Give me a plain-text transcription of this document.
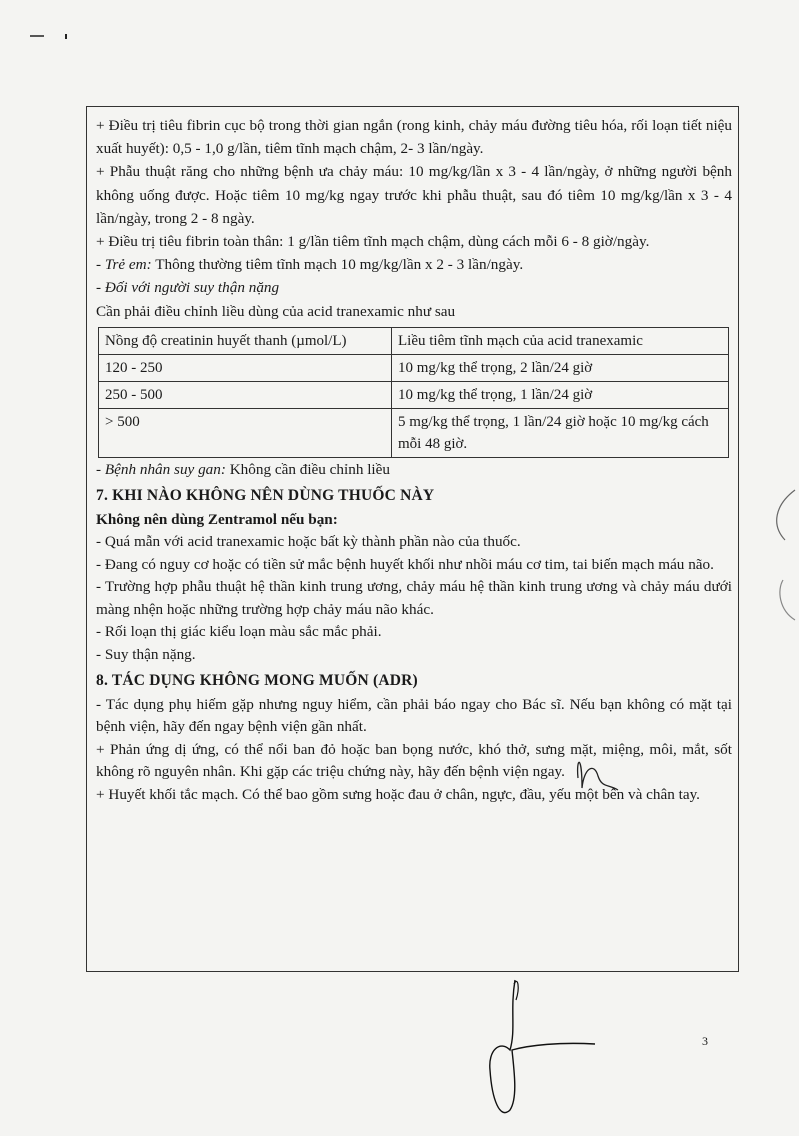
+ Điều trị tiêu fibrin cục bộ trong thời gian ngắn (rong kinh, chảy máu đường tiêu hóa, rối loạn tiết niệu xuất huyết): 0,5 - 1,0 g/lần, tiêm tĩnh mạch chậm, 2- 3 lần/ngày.

+ Phẫu thuật răng cho những bệnh ưa chảy máu: 10 mg/kg/lần x 3 - 4 lần/ngày, ở những người bệnh không uống được. Hoặc tiêm 10 mg/kg ngay trước khi phẫu thuật, sau đó tiêm 10 mg/kg/lần x 3 - 4 lần/ngày, trong 2 - 8 ngày.

+ Điều trị tiêu fibrin toàn thân: 1 g/lần tiêm tĩnh mạch chậm, dùng cách mỗi 6 - 8 giờ/ngày.

- Trẻ em: Thông thường tiêm tĩnh mạch 10 mg/kg/lần x 2 - 3 lần/ngày.

- Đối với người suy thận nặng

Cần phải điều chỉnh liều dùng của acid tranexamic như sau

Nồng độ creatinin huyết thanh (µmol/L)	Liều tiêm tĩnh mạch của acid tranexamic
120 - 250	10 mg/kg thể trọng, 2 lần/24 giờ
250 - 500	10 mg/kg thể trọng, 1 lần/24 giờ
> 500	5 mg/kg thể trọng, 1 lần/24 giờ hoặc 10 mg/kg cách mỗi 48 giờ.

- Bệnh nhân suy gan: Không cần điều chỉnh liều

7. KHI NÀO KHÔNG NÊN DÙNG THUỐC NÀY

Không nên dùng Zentramol nếu bạn:

- Quá mẫn với acid tranexamic hoặc bất kỳ thành phần nào của thuốc.

- Đang có nguy cơ hoặc có tiền sử mắc bệnh huyết khối như nhồi máu cơ tim, tai biến mạch máu não.

- Trường hợp phẫu thuật hệ thần kinh trung ương, chảy máu hệ thần kinh trung ương và chảy máu dưới màng nhện hoặc những trường hợp chảy máu não khác.

- Rối loạn thị giác kiểu loạn màu sắc mắc phải.

- Suy thận nặng.

8. TÁC DỤNG KHÔNG MONG MUỐN (ADR)

- Tác dụng phụ hiếm gặp nhưng nguy hiểm, cần phải báo ngay cho Bác sĩ. Nếu bạn không có mặt tại bệnh viện, hãy đến ngay bệnh viện gần nhất.

+ Phản ứng dị ứng, có thể nổi ban đỏ hoặc ban bọng nước, khó thở, sưng mặt, miệng, môi, mắt, sốt không rõ nguyên nhân. Khi gặp các triệu chứng này, hãy đến bệnh viện ngay.

+ Huyết khối tắc mạch. Có thể bao gồm sưng hoặc đau ở chân, ngực, đầu, yếu một bên và chân tay.

3
